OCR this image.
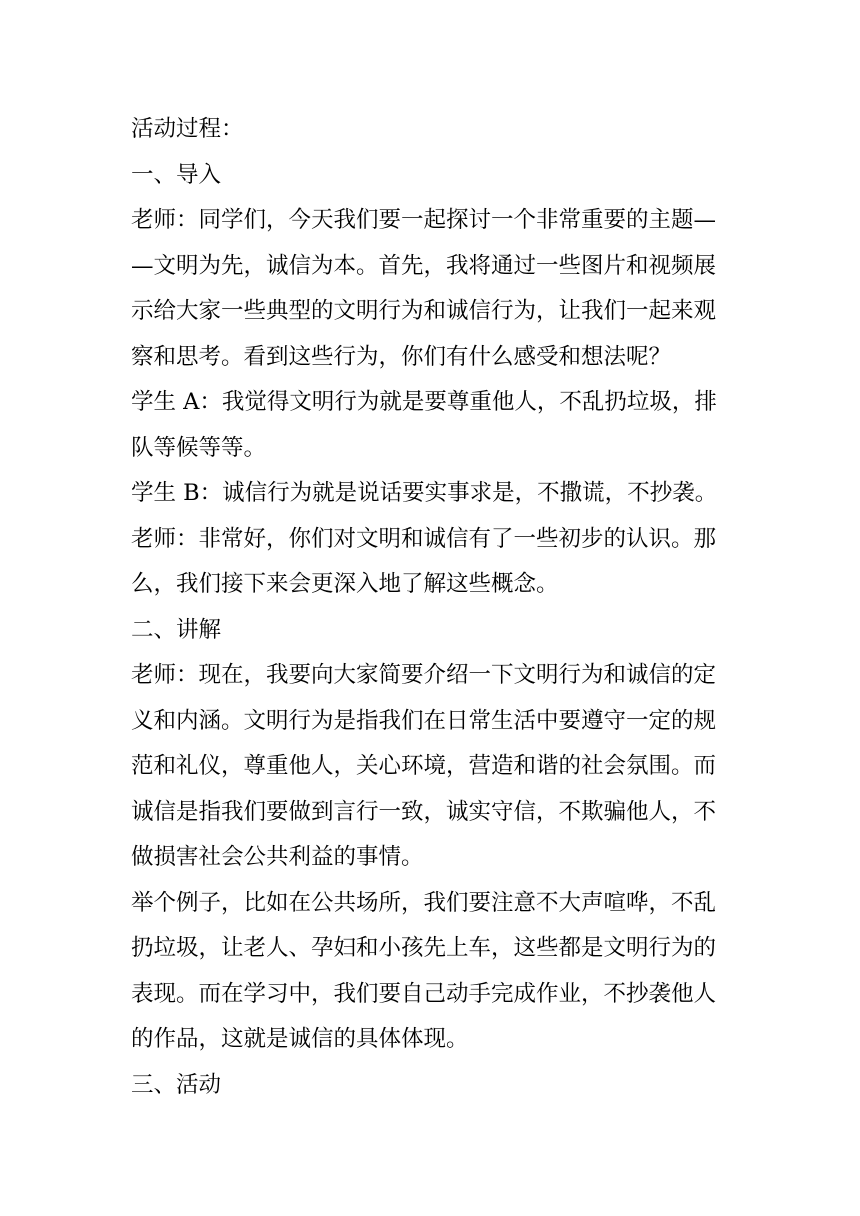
活动过程：
一、导入
老师：同学们，今天我们要一起探讨一个非常重要的主题—
—文明为先，诚信为本。首先，我将通过一些图片和视频展
示给大家一些典型的文明行为和诚信行为，让我们一起来观
察和思考。看到这些行为，你们有什么感受和想法呢？
学生 A：我觉得文明行为就是要尊重他人，不乱扔垃圾，排
队等候等等。
学生 B：诚信行为就是说话要实事求是，不撒谎，不抄袭。
老师：非常好，你们对文明和诚信有了一些初步的认识。那
么，我们接下来会更深入地了解这些概念。
二、讲解
老师：现在，我要向大家简要介绍一下文明行为和诚信的定
义和内涵。文明行为是指我们在日常生活中要遵守一定的规
范和礼仪，尊重他人，关心环境，营造和谐的社会氛围。而
诚信是指我们要做到言行一致，诚实守信，不欺骗他人，不
做损害社会公共利益的事情。
举个例子，比如在公共场所，我们要注意不大声喧哗，不乱
扔垃圾，让老人、孕妇和小孩先上车，这些都是文明行为的
表现。而在学习中，我们要自己动手完成作业，不抄袭他人
的作品，这就是诚信的具体体现。
三、活动
